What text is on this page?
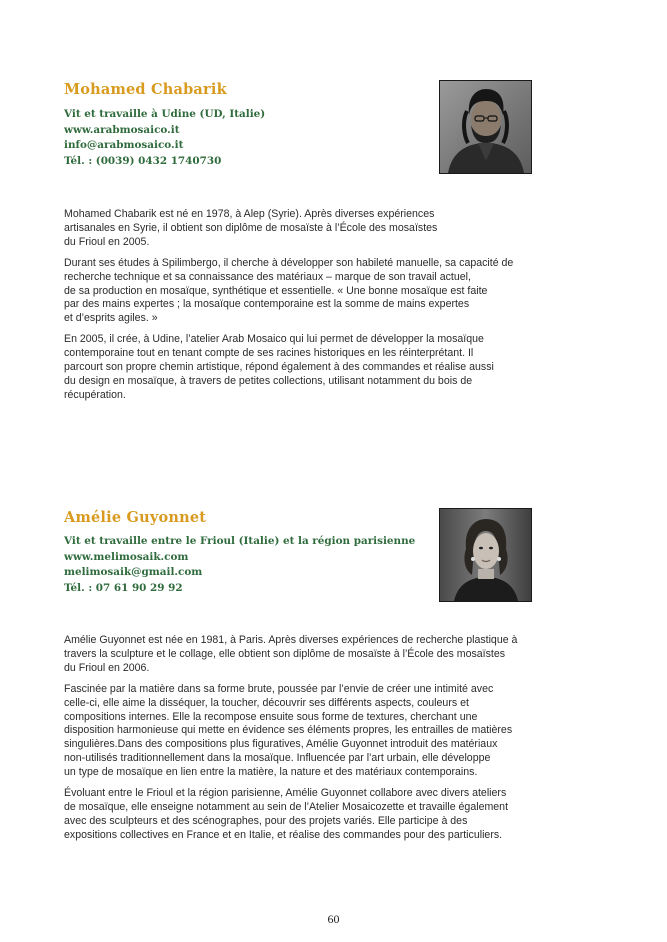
Mohamed Chabarik
Vit et travaille à Udine (UD, Italie)
www.arabmosaico.it
info@arabmosaico.it
Tél. : (0039) 0432 1740730

Mohamed Chabarik est né en 1978, à Alep (Syrie). Après diverses expériences
artisanales en Syrie, il obtient son diplôme de mosaïste à l’École des mosaïstes
du Frioul en 2005.

Durant ses études à Spilimbergo, il cherche à développer son habileté manuelle, sa capacité de
recherche technique et sa connaissance des matériaux – marque de son travail actuel,
de sa production en mosaïque, synthétique et essentielle. « Une bonne mosaïque est faite
par des mains expertes ; la mosaïque contemporaine est la somme de mains expertes
et d’esprits agiles. »

En 2005, il crée, à Udine, l’atelier Arab Mosaico qui lui permet de développer la mosaïque
contemporaine tout en tenant compte de ses racines historiques en les réinterprétant. Il
parcourt son propre chemin artistique, répond également à des commandes et réalise aussi
du design en mosaïque, à travers de petites collections, utilisant notamment du bois de
récupération.

Amélie Guyonnet
Vit et travaille entre le Frioul (Italie) et la région parisienne
www.melimosaik.com
melimosaik@gmail.com
Tél. : 07 61 90 29 92

Amélie Guyonnet est née en 1981, à Paris. Après diverses expériences de recherche plastique à
travers la sculpture et le collage, elle obtient son diplôme de mosaïste à l’École des mosaïstes
du Frioul en 2006.

Fascinée par la matière dans sa forme brute, poussée par l’envie de créer une intimité avec
celle-ci, elle aime la disséquer, la toucher, découvrir ses différents aspects, couleurs et
compositions internes. Elle la recompose ensuite sous forme de textures, cherchant une
disposition harmonieuse qui mette en évidence ses éléments propres, les entrailles de matières
singulières.Dans des compositions plus figuratives, Amélie Guyonnet introduit des matériaux
non-utilisés traditionnellement dans la mosaïque. Influencée par l’art urbain, elle développe
un type de mosaïque en lien entre la matière, la nature et des matériaux contemporains.

Évoluant entre le Frioul et la région parisienne, Amélie Guyonnet collabore avec divers ateliers
de mosaïque, elle enseigne notamment au sein de l’Atelier Mosaicozette et travaille également
avec des sculpteurs et des scénographes, pour des projets variés. Elle participe à des
expositions collectives en France et en Italie, et réalise des commandes pour des particuliers.

60
